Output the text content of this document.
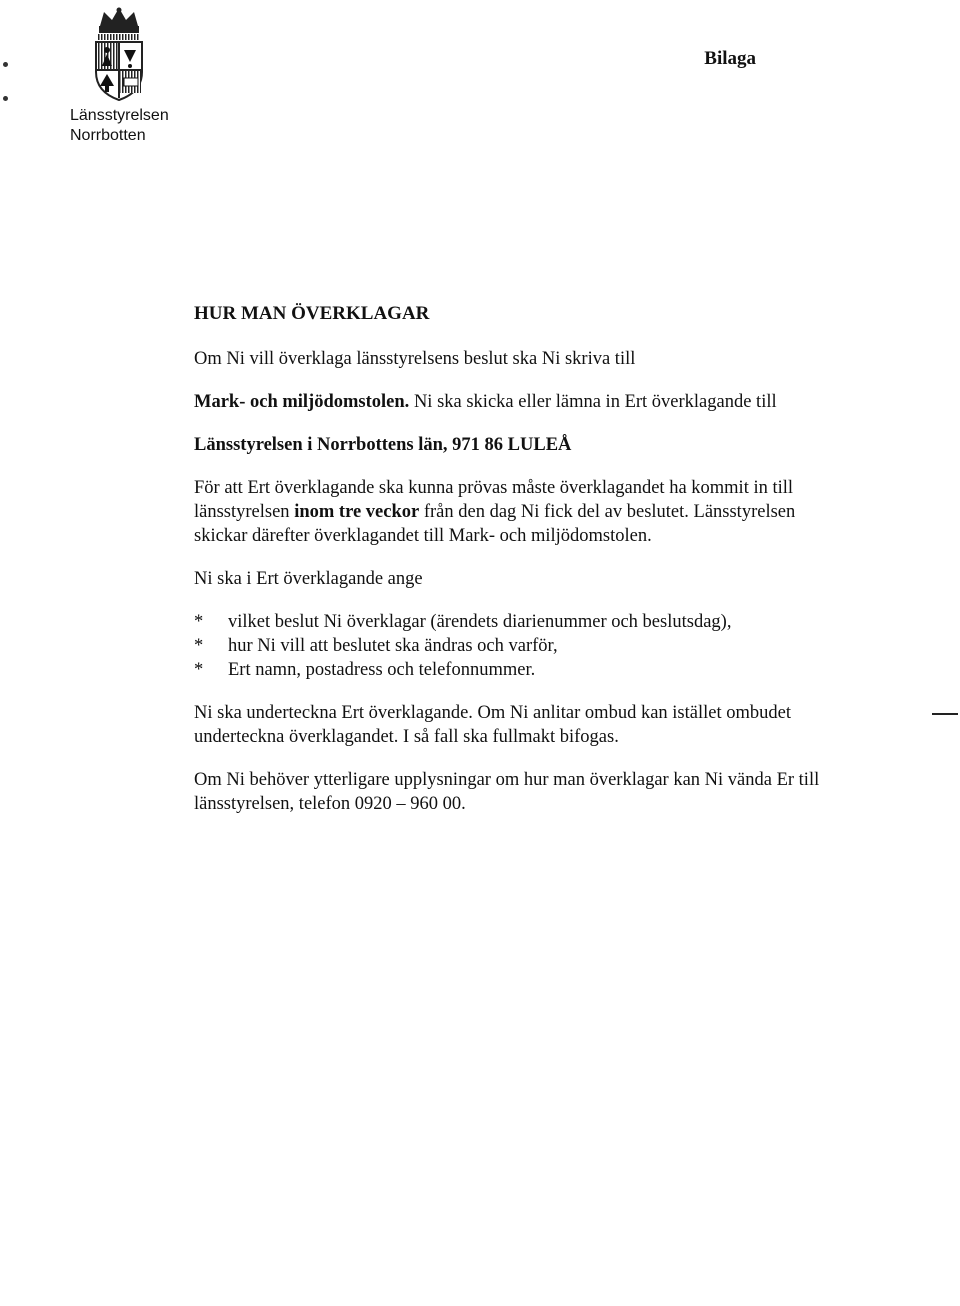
Länsstyrelsen
Norrbotten
Bilaga

HUR MAN ÖVERKLAGAR

Om Ni vill överklaga länsstyrelsens beslut ska Ni skriva till

Mark- och miljödomstolen. Ni ska skicka eller lämna in Ert överklagande till

Länsstyrelsen i Norrbottens län, 971 86 LULEÅ

För att Ert överklagande ska kunna prövas måste överklagandet ha kommit in till

länsstyrelsen inom tre veckor från den dag Ni fick del av beslutet. Länsstyrelsen

skickar därefter överklagandet till Mark- och miljödomstolen.

Ni ska i Ert överklagande ange

* vilket beslut Ni överklagar (ärendets diarienummer och beslutsdag),
* hur Ni vill att beslutet ska ändras och varför,
* Ert namn, postadress och telefonnummer.

Ni ska underteckna Ert överklagande. Om Ni anlitar ombud kan istället ombudet

underteckna överklagandet. I så fall ska fullmakt bifogas.

Om Ni behöver ytterligare upplysningar om hur man överklagar kan Ni vända Er till

länsstyrelsen, telefon 0920 – 960 00.
